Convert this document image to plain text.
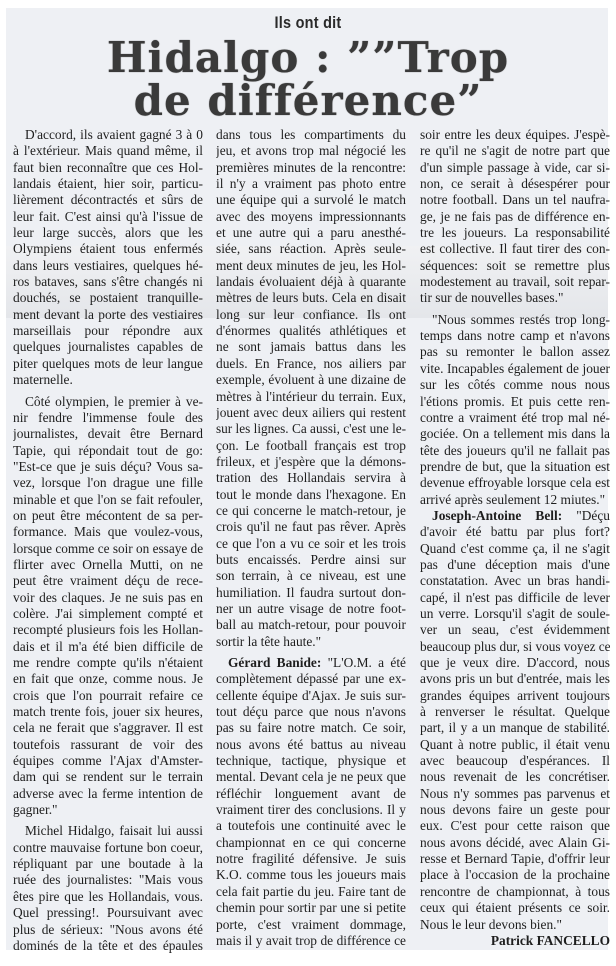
Ils ont dit
Hidalgo : ””Trop
de différence”
D'accord, ils avaient gagné 3 à 0
à l'extérieur. Mais quand même, il
faut bien reconnaître que ces Hol-
landais étaient, hier soir, particu-
lièrement décontractés et sûrs de
leur fait. C'est ainsi qu'à l'issue de
leur large succès, alors que les
Olympiens étaient tous enfermés
dans leurs vestiaires, quelques hé-
ros bataves, sans s'être changés ni
douchés, se postaient tranquille-
ment devant la porte des vestiaires
marseillais pour répondre aux
quelques journalistes capables de
piter quelques mots de leur langue
maternelle.
Côté olympien, le premier à ve-
nir fendre l'immense foule des
journalistes, devait être Bernard
Tapie, qui répondait tout de go:
"Est-ce que je suis déçu? Vous sa-
vez, lorsque l'on drague une fille
minable et que l'on se fait refouler,
on peut être mécontent de sa per-
formance. Mais que voulez-vous,
lorsque comme ce soir on essaye de
flirter avec Ornella Mutti, on ne
peut être vraiment déçu de rece-
voir des claques. Je ne suis pas en
colère. J'ai simplement compté et
recompté plusieurs fois les Hollan-
dais et il m'a été bien difficile de
me rendre compte qu'ils n'étaient
en fait que onze, comme nous. Je
crois que l'on pourrait refaire ce
match trente fois, jouer six heures,
cela ne ferait que s'aggraver. Il est
toutefois rassurant de voir des
équipes comme l'Ajax d'Amster-
dam qui se rendent sur le terrain
adverse avec la ferme intention de
gagner."
Michel Hidalgo, faisait lui aussi
contre mauvaise fortune bon coeur,
répliquant par une boutade à la
ruée des journalistes: "Mais vous
êtes pire que les Hollandais, vous.
Quel pressing!. Poursuivant avec
plus de sérieux: "Nous avons été
dominés de la tête et des épaules
dans tous les compartiments du
jeu, et avons trop mal négocié les
premières minutes de la rencontre:
il n'y a vraiment pas photo entre
une équipe qui a survolé le match
avec des moyens impressionnants
et une autre qui a paru anesthé-
siée, sans réaction. Après seule-
ment deux minutes de jeu, les Hol-
landais évoluaient déjà à quarante
mètres de leurs buts. Cela en disait
long sur leur confiance. Ils ont
d'énormes qualités athlétiques et
ne sont jamais battus dans les
duels. En France, nos ailiers par
exemple, évoluent à une dizaine de
mètres à l'intérieur du terrain. Eux,
jouent avec deux ailiers qui restent
sur les lignes. Ca aussi, c'est une le-
çon. Le football français est trop
frileux, et j'espère que la démons-
tration des Hollandais servira à
tout le monde dans l'hexagone. En
ce qui concerne le match-retour, je
crois qu'il ne faut pas rêver. Après
ce que l'on a vu ce soir et les trois
buts encaissés. Perdre ainsi sur
son terrain, à ce niveau, est une
humiliation. Il faudra surtout don-
ner un autre visage de notre foot-
ball au match-retour, pour pouvoir
sortir la tête haute."
Gérard Banide: "L'O.M. a été
complètement dépassé par une ex-
cellente équipe d'Ajax. Je suis sur-
tout déçu parce que nous n'avons
pas su faire notre match. Ce soir,
nous avons été battus au niveau
technique, tactique, physique et
mental. Devant cela je ne peux que
réfléchir longuement avant de
vraiment tirer des conclusions. Il y
a toutefois une continuité avec le
championnat en ce qui concerne
notre fragilité défensive. Je suis
K.O. comme tous les joueurs mais
cela fait partie du jeu. Faire tant de
chemin pour sortir par une si petite
porte, c'est vraiment dommage,
mais il y avait trop de différence ce
soir entre les deux équipes. J'espè-
re qu'il ne s'agit de notre part que
d'un simple passage à vide, car si-
non, ce serait à désespérer pour
notre football. Dans un tel naufra-
ge, je ne fais pas de différence en-
tre les joueurs. La responsabilité
est collective. Il faut tirer des con-
séquences: soit se remettre plus
modestement au travail, soit repar-
tir sur de nouvelles bases."
"Nous sommes restés trop long-
temps dans notre camp et n'avons
pas su remonter le ballon assez
vite. Incapables également de jouer
sur les côtés comme nous nous
l'étions promis. Et puis cette ren-
contre a vraiment été trop mal né-
gociée. On a tellement mis dans la
tête des joueurs qu'il ne fallait pas
prendre de but, que la situation est
devenue effroyable lorsque cela est
arrivé après seulement 12 miutes."
Joseph-Antoine Bell: "Déçu
d'avoir été battu par plus fort?
Quand c'est comme ça, il ne s'agit
pas d'une déception mais d'une
constatation. Avec un bras handi-
capé, il n'est pas difficile de lever
un verre. Lorsqu'il s'agit de soule-
ver un seau, c'est évidemment
beaucoup plus dur, si vous voyez ce
que je veux dire. D'accord, nous
avons pris un but d'entrée, mais les
grandes équipes arrivent toujours
à renverser le résultat. Quelque
part, il y a un manque de stabilité.
Quant à notre public, il était venu
avec beaucoup d'espérances. Il
nous revenait de les concrétiser.
Nous n'y sommes pas parvenus et
nous devons faire un geste pour
eux. C'est pour cette raison que
nous avons décidé, avec Alain Gi-
resse et Bernard Tapie, d'offrir leur
place à l'occasion de la prochaine
rencontre de championnat, à tous
ceux qui étaient présents ce soir.
Nous le leur devons bien."
Patrick FANCELLO
